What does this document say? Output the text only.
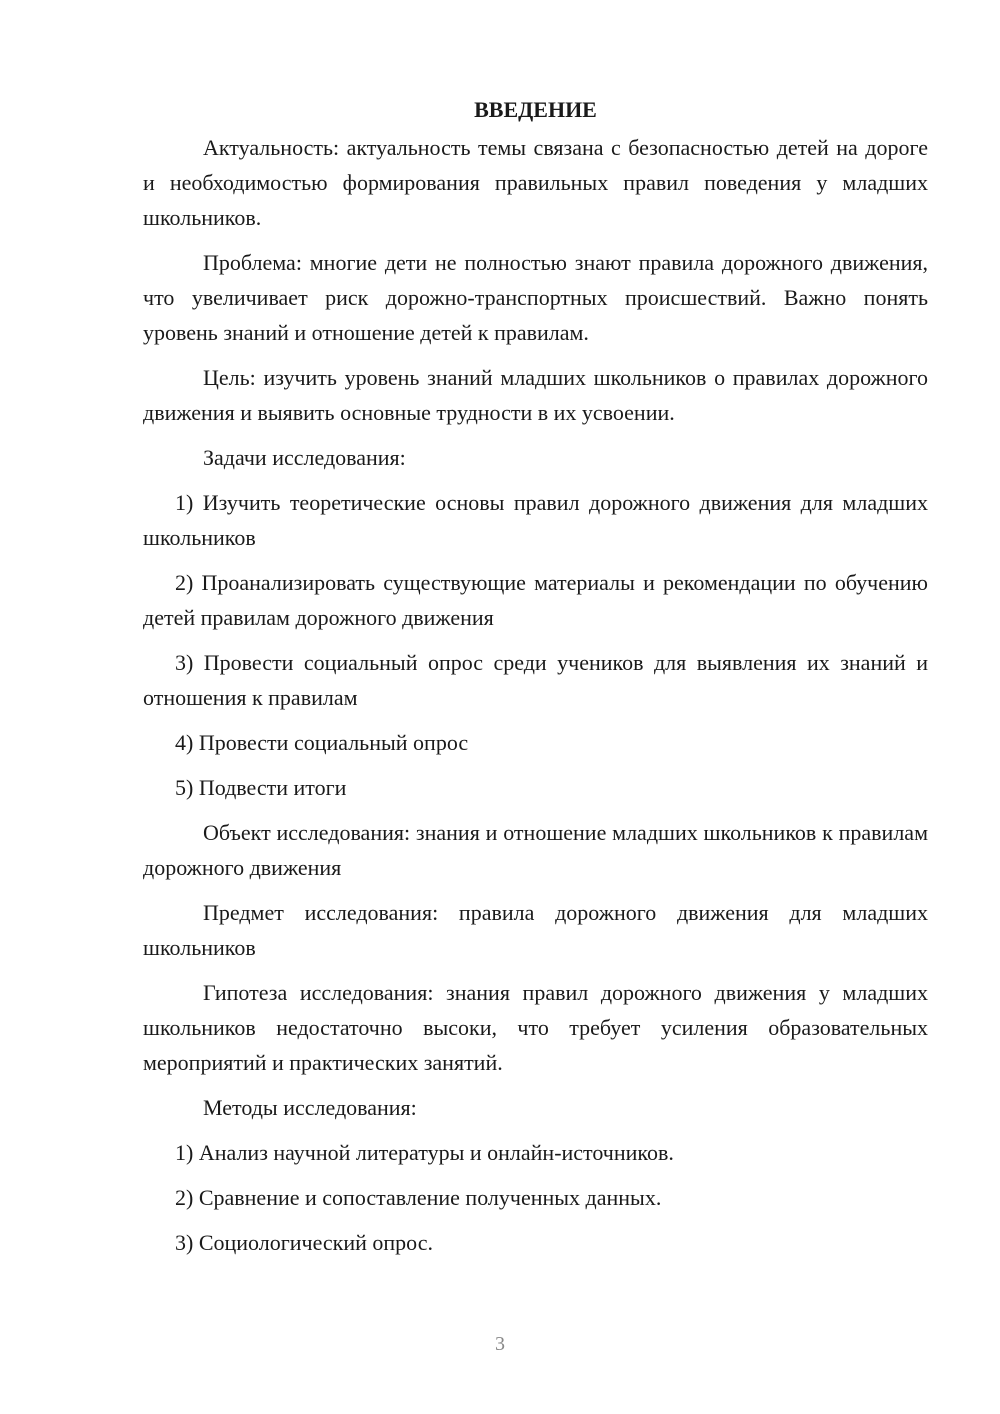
ВВЕДЕНИЕ

Актуальность: актуальность темы связана с безопасностью детей на дороге и необходимостью формирования правильных правил поведения у младших школьников.

Проблема: многие дети не полностью знают правила дорожного движения, что увеличивает риск дорожно-транспортных происшествий. Важно понять уровень знаний и отношение детей к правилам.

Цель: изучить уровень знаний младших школьников о правилах дорожного движения и выявить основные трудности в их усвоении.

Задачи исследования:

1) Изучить теоретические основы правил дорожного движения для младших школьников

2) Проанализировать существующие материалы и рекомендации по обучению детей правилам дорожного движения

3) Провести социальный опрос среди учеников для выявления их знаний и отношения к правилам

4) Провести социальный опрос

5) Подвести итоги

Объект исследования: знания и отношение младших школьников к правилам дорожного движения

Предмет исследования: правила дорожного движения для младших школьников

Гипотеза исследования: знания правил дорожного движения у младших школьников недостаточно высоки, что требует усиления образовательных мероприятий и практических занятий.

Методы исследования:

1) Анализ научной литературы и онлайн-источников.

2) Сравнение и сопоставление полученных данных.

3) Социологический опрос.

3
